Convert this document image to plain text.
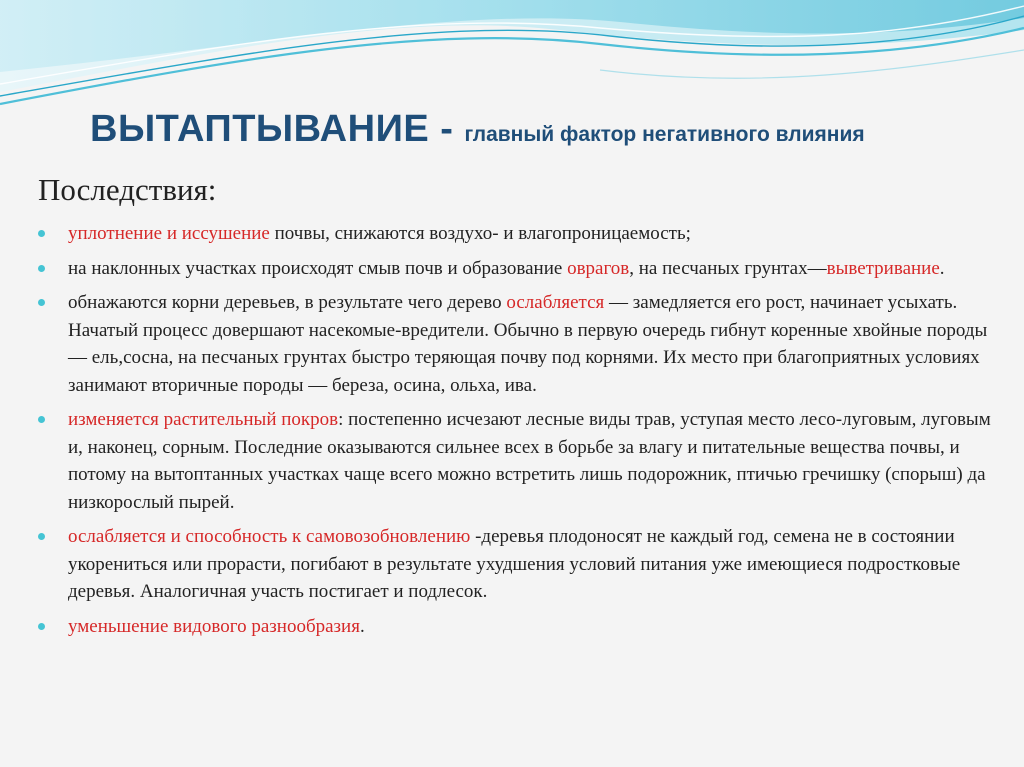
ВЫТАПТЫВАНИЕ - главный фактор негативного влияния
Последствия:
уплотнение и иссушение почвы, снижаются воздухо- и влагопроницаемость;
на наклонных участках происходят смыв почв и образование оврагов, на песчаных грунтах—выветривание.
обнажаются корни деревьев, в результате чего дерево ослабляется — замедляется его рост, начинает усыхать. Начатый процесс довершают насекомые-вредители. Обычно в первую очередь гибнут коренные хвойные породы — ель,сосна, на песчаных грунтах быстро теряющая почву под корнями. Их место при благоприятных условиях занимают вторичные породы — береза, осина, ольха, ива.
изменяется растительный покров: постепенно исчезают лесные виды трав, уступая место лесо-луговым, луговым и, наконец, сорным. Последние оказываются сильнее всех в борьбе за влагу и питательные вещества почвы, и потому на вытоптанных участках чаще всего можно встретить лишь подорожник, птичью гречишку (спорыш) да низкорослый пырей.
ослабляется и способность к самовозобновлению -деревья плодоносят не каждый год, семена не в состоянии укорениться или прорасти, погибают в результате ухудшения условий питания уже имеющиеся подростковые деревья. Аналогичная участь постигает и подлесок.
уменьшение видового разнообразия.
